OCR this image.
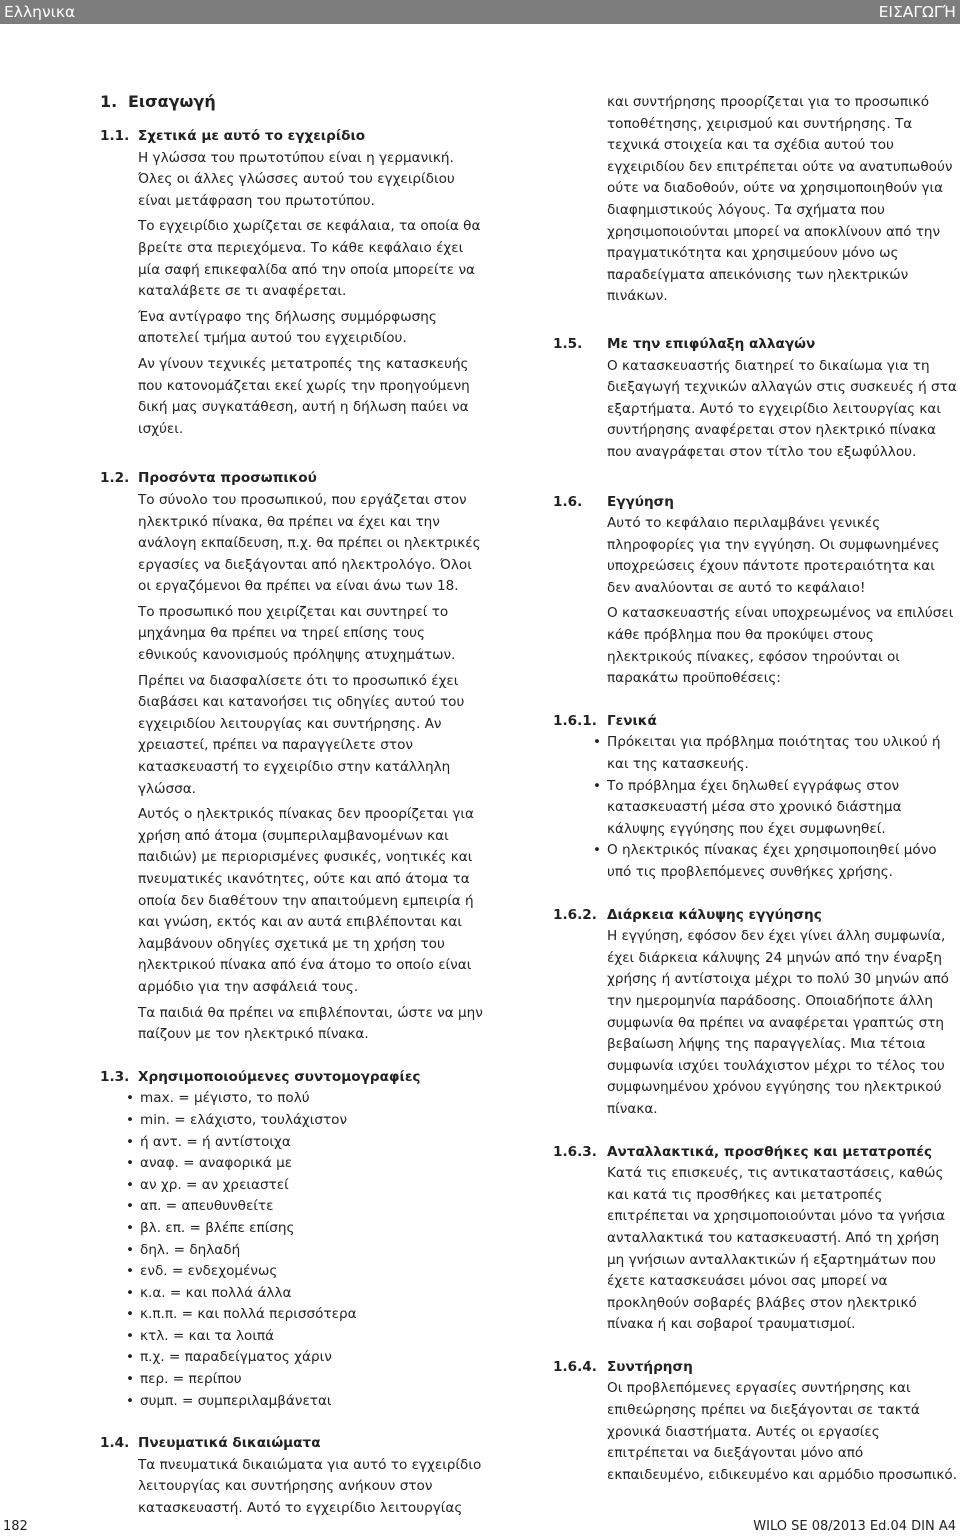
Ελληνικα	ΕΙΣΑΓΩΓΉ
1. Εισαγωγή
1.1. Σχετικά με αυτό το εγχειρίδιο

Η γλώσσα του πρωτοτύπου είναι η γερμανική. Όλες οι άλλες γλώσσες αυτού του εγχειρίδιου είναι μετάφραση του πρωτοτύπου.

Το εγχειρίδιο χωρίζεται σε κεφάλαια, τα οποία θα βρείτε στα περιεχόμενα. Το κάθε κεφάλαιο έχει μία σαφή επικεφαλίδα από την οποία μπορείτε να καταλάβετε σε τι αναφέρεται.

Ένα αντίγραφο της δήλωσης συμμόρφωσης αποτελεί τμήμα αυτού του εγχειριδίου.

Αν γίνουν τεχνικές μετατροπές της κατασκευής που κατονομάζεται εκεί χωρίς την προηγούμενη δική μας συγκατάθεση, αυτή η δήλωση παύει να ισχύει.

1.2. Προσόντα προσωπικού

Το σύνολο του προσωπικού, που εργάζεται στον ηλεκτρικό πίνακα, θα πρέπει να έχει και την ανάλογη εκπαίδευση, π.χ. θα πρέπει οι ηλεκτρικές εργασίες να διεξάγονται από ηλεκτρολόγο. Όλοι οι εργαζόμενοι θα πρέπει να είναι άνω των 18.

Το προσωπικό που χειρίζεται και συντηρεί το μηχάνημα θα πρέπει να τηρεί επίσης τους εθνικούς κανονισμούς πρόληψης ατυχημάτων.

Πρέπει να διασφαλίσετε ότι το προσωπικό έχει διαβάσει και κατανοήσει τις οδηγίες αυτού του εγχειριδίου λειτουργίας και συντήρησης. Αν χρειαστεί, πρέπει να παραγγείλετε στον κατασκευαστή το εγχειρίδιο στην κατάλληλη γλώσσα.

Αυτός ο ηλεκτρικός πίνακας δεν προορίζεται για χρήση από άτομα (συμπεριλαμβανομένων και παιδιών) με περιορισμένες φυσικές, νοητικές και πνευματικές ικανότητες, ούτε και από άτομα τα οποία δεν διαθέτουν την απαιτούμενη εμπειρία ή και γνώση, εκτός και αν αυτά επιβλέπονται και λαμβάνουν οδηγίες σχετικά με τη χρήση του ηλεκτρικού πίνακα από ένα άτομο το οποίο είναι αρμόδιο για την ασφάλειά τους.

Τα παιδιά θα πρέπει να επιβλέπονται, ώστε να μην παίζουν με τον ηλεκτρικό πίνακα.

1.3. Χρησιμοποιούμενες συντομογραφίες
• max. = μέγιστο, το πολύ
• min. = ελάχιστο, τουλάχιστον
• ή αντ. = ή αντίστοιχα
• αναφ. = αναφορικά με
• αν χρ. = αν χρειαστεί
• απ. = απευθυνθείτε
• βλ. επ. = βλέπε επίσης
• δηλ. = δηλαδή
• ενδ. = ενδεχομένως
• κ.α. = και πολλά άλλα
• κ.π.π. = και πολλά περισσότερα
• κτλ. = και τα λοιπά
• π.χ. = παραδείγματος χάριν
• περ. = περίπου
• συμπ. = συμπεριλαμβάνεται
1.4. Πνευματικά δικαιώματα

Τα πνευματικά δικαιώματα για αυτό το εγχειρίδιο λειτουργίας και συντήρησης ανήκουν στον κατασκευαστή. Αυτό το εγχειρίδιο λειτουργίας

και συντήρησης προορίζεται για το προσωπικό τοποθέτησης, χειρισμού και συντήρησης. Τα τεχνικά στοιχεία και τα σχέδια αυτού του εγχειριδίου δεν επιτρέπεται ούτε να ανατυπωθούν ούτε να διαδοθούν, ούτε να χρησιμοποιηθούν για διαφημιστικούς λόγους. Τα σχήματα που χρησιμοποιούνται μπορεί να αποκλίνουν από την πραγματικότητα και χρησιμεύουν μόνο ως παραδείγματα απεικόνισης των ηλεκτρικών πινάκων.

1.5.	Με την επιφύλαξη αλλαγών

Ο κατασκευαστής διατηρεί το δικαίωμα για τη διεξαγωγή τεχνικών αλλαγών στις συσκευές ή στα εξαρτήματα. Αυτό το εγχειρίδιο λειτουργίας και συντήρησης αναφέρεται στον ηλεκτρικό πίνακα που αναγράφεται στον τίτλο του εξωφύλλου.

1.6.	Εγγύηση

Αυτό το κεφάλαιο περιλαμβάνει γενικές πληροφορίες για την εγγύηση. Οι συμφωνημένες υποχρεώσεις έχουν πάντοτε προτεραιότητα και δεν αναλύονται σε αυτό το κεφάλαιο!

Ο κατασκευαστής είναι υποχρεωμένος να επιλύσει κάθε πρόβλημα που θα προκύψει στους ηλεκτρικούς πίνακες, εφόσον τηρούνται οι παρακάτω προϋποθέσεις:

1.6.1. Γενικά
• Πρόκειται για πρόβλημα ποιότητας του υλικού ή και της κατασκευής.
• Το πρόβλημα έχει δηλωθεί εγγράφως στον κατασκευαστή μέσα στο χρονικό διάστημα κάλυψης εγγύησης που έχει συμφωνηθεί.
• Ο ηλεκτρικός πίνακας έχει χρησιμοποιηθεί μόνο υπό τις προβλεπόμενες συνθήκες χρήσης.
1.6.2. Διάρκεια κάλυψης εγγύησης

Η εγγύηση, εφόσον δεν έχει γίνει άλλη συμφωνία, έχει διάρκεια κάλυψης 24 μηνών από την έναρξη χρήσης ή αντίστοιχα μέχρι το πολύ 30 μηνών από την ημερομηνία παράδοσης. Οποιαδήποτε άλλη συμφωνία θα πρέπει να αναφέρεται γραπτώς στη βεβαίωση λήψης της παραγγελίας. Μια τέτοια συμφωνία ισχύει τουλάχιστον μέχρι το τέλος του συμφωνημένου χρόνου εγγύησης του ηλεκτρικού πίνακα.

1.6.3. Ανταλλακτικά, προσθήκες και μετατροπές

Κατά τις επισκευές, τις αντικαταστάσεις, καθώς και κατά τις προσθήκες και μετατροπές επιτρέπεται να χρησιμοποιούνται μόνο τα γνήσια ανταλλακτικά του κατασκευαστή. Από τη χρήση μη γνήσιων ανταλλακτικών ή εξαρτημάτων που έχετε κατασκευάσει μόνοι σας μπορεί να προκληθούν σοβαρές βλάβες στον ηλεκτρικό πίνακα ή και σοβαροί τραυματισμοί.

1.6.4. Συντήρηση

Οι προβλεπόμενες εργασίες συντήρησης και επιθεώρησης πρέπει να διεξάγονται σε τακτά χρονικά διαστήματα. Αυτές οι εργασίες επιτρέπεται να διεξάγονται μόνο από εκπαιδευμένο, ειδικευμένο και αρμόδιο προσωπικό.

182	WILO SE 08/2013 Ed.04 DIN A4
